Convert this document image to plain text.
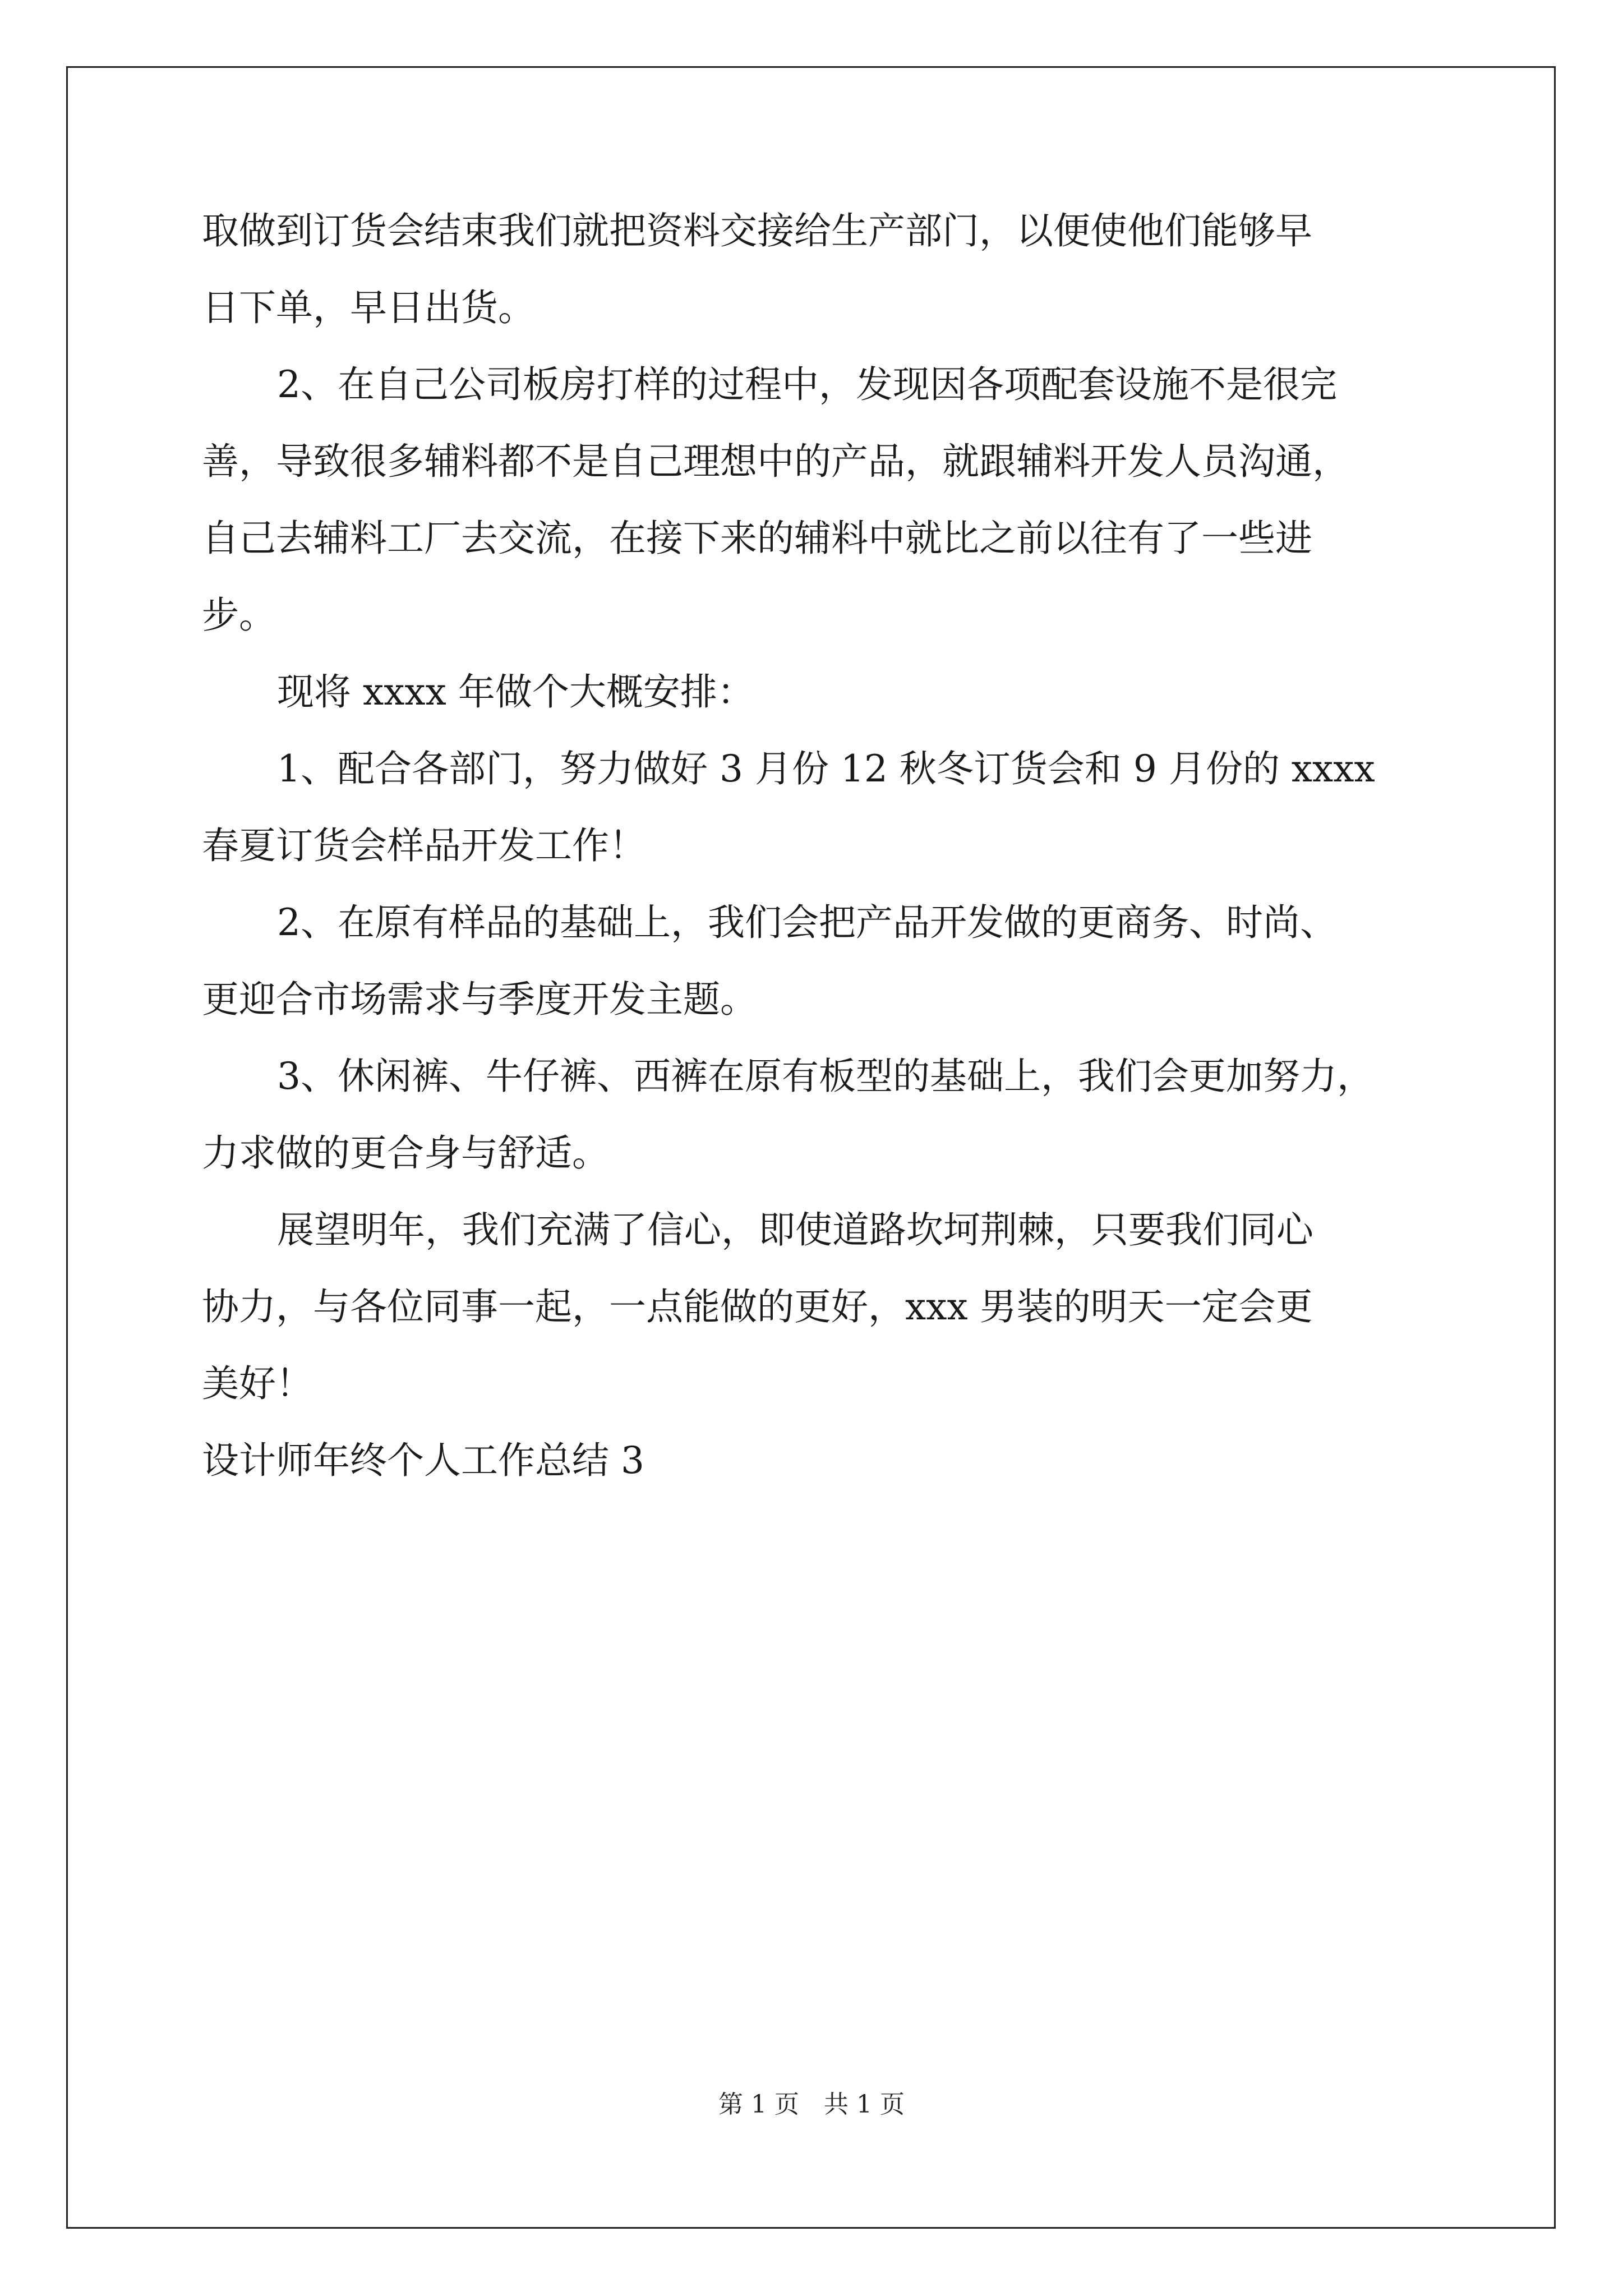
取做到订货会结束我们就把资料交接给生产部门，以便使他们能够早
日下单，早日出货。
2、在自己公司板房打样的过程中，发现因各项配套设施不是很完
善，导致很多辅料都不是自己理想中的产品，就跟辅料开发人员沟通，
自己去辅料工厂去交流，在接下来的辅料中就比之前以往有了一些进
步。
现将 xxxx 年做个大概安排：
1、配合各部门，努力做好 3 月份 12 秋冬订货会和 9 月份的 xxxx
春夏订货会样品开发工作！
2、在原有样品的基础上，我们会把产品开发做的更商务、时尚、
更迎合市场需求与季度开发主题。
3、休闲裤、牛仔裤、西裤在原有板型的基础上，我们会更加努力，
力求做的更合身与舒适。
展望明年，我们充满了信心，即使道路坎坷荆棘，只要我们同心
协力，与各位同事一起，一点能做的更好，xxx 男装的明天一定会更
美好！
设计师年终个人工作总结 3
第 1 页　共 1 页
